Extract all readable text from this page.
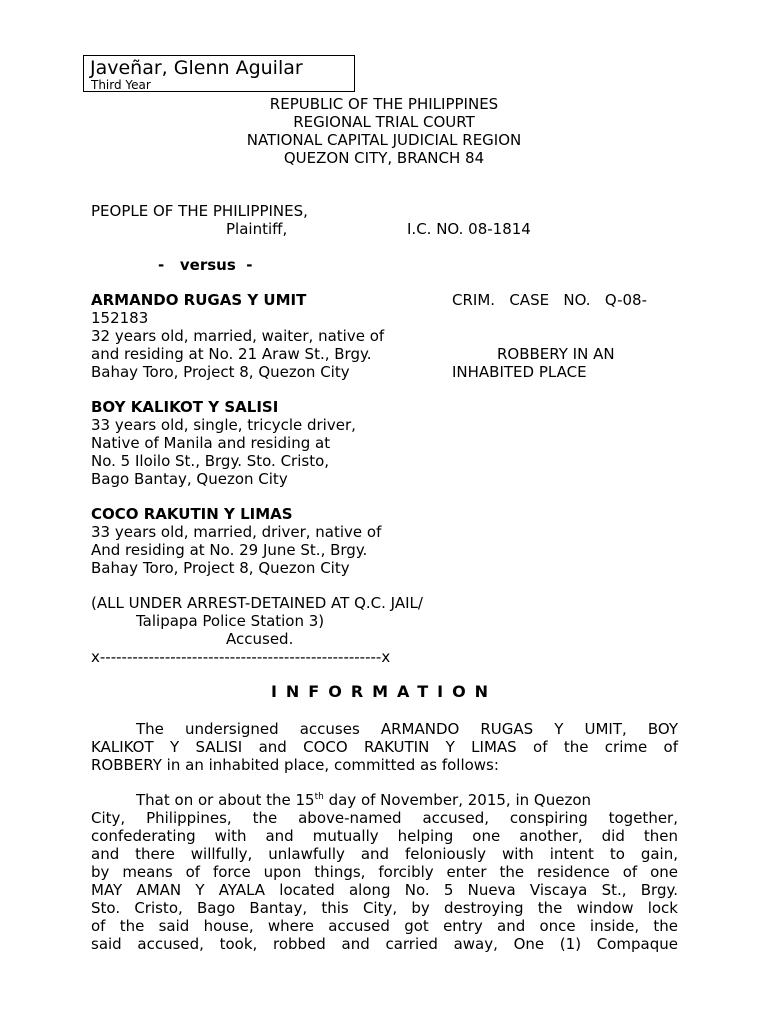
Javeñar, Glenn Aguilar
Third Year
REPUBLIC OF THE PHILIPPINES
REGIONAL TRIAL COURT
NATIONAL CAPITAL JUDICIAL REGION
QUEZON CITY, BRANCH 84
PEOPLE OF THE PHILIPPINES,
Plaintiff,	I.C. NO. 08-1814
-   versus  -
ARMANDO RUGAS Y UMIT	CRIM.   CASE   NO.   Q-08-
152183
32 years old, married, waiter, native of
and residing at No. 21 Araw St., Brgy.
Bahay Toro, Project 8, Quezon City
ROBBERY IN AN
INHABITED PLACE
BOY KALIKOT Y SALISI
33 years old, single, tricycle driver,
Native of Manila and residing at
No. 5 Iloilo St., Brgy. Sto. Cristo,
Bago Bantay, Quezon City
COCO RAKUTIN Y LIMAS
33 years old, married, driver, native of
And residing at No. 29 June St., Brgy.
Bahay Toro, Project 8, Quezon City
(ALL UNDER ARREST-DETAINED AT Q.C. JAIL/
Talipapa Police Station 3)
Accused.
x----------------------------------------------------x
INFORMATION
The undersigned accuses ARMANDO RUGAS Y UMIT, BOY
KALIKOT Y SALISI and COCO RAKUTIN Y LIMAS of the crime of
ROBBERY in an inhabited place, committed as follows:
That on or about the 15th day of November, 2015, in Quezon
City, Philippines, the above-named accused, conspiring together,
confederating with and mutually helping one another, did then
and there willfully, unlawfully and feloniously with intent to gain,
by means of force upon things, forcibly enter the residence of one
MAY AMAN Y AYALA located along No. 5 Nueva Viscaya St., Brgy.
Sto. Cristo, Bago Bantay, this City, by destroying the window lock
of the said house, where accused got entry and once inside, the
said accused, took, robbed and carried away, One (1) Compaque
